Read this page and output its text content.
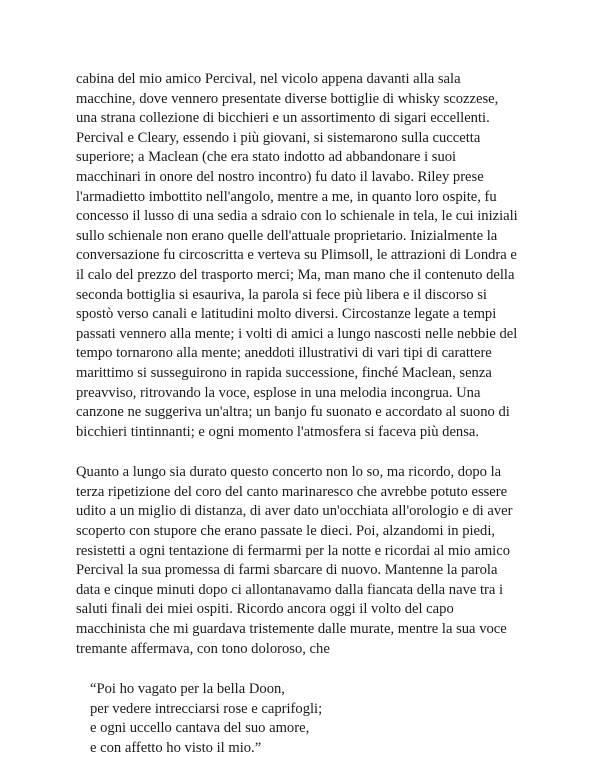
cabina del mio amico Percival, nel vicolo appena davanti alla sala
macchine, dove vennero presentate diverse bottiglie di whisky scozzese,
una strana collezione di bicchieri e un assortimento di sigari eccellenti.
Percival e Cleary, essendo i più giovani, si sistemarono sulla cuccetta
superiore; a Maclean (che era stato indotto ad abbandonare i suoi
macchinari in onore del nostro incontro) fu dato il lavabo. Riley prese
l'armadietto imbottito nell'angolo, mentre a me, in quanto loro ospite, fu
concesso il lusso di una sedia a sdraio con lo schienale in tela, le cui iniziali
sullo schienale non erano quelle dell'attuale proprietario. Inizialmente la
conversazione fu circoscritta e verteva su Plimsoll, le attrazioni di Londra e
il calo del prezzo del trasporto merci; Ma, man mano che il contenuto della
seconda bottiglia si esauriva, la parola si fece più libera e il discorso si
spostò verso canali e latitudini molto diversi. Circostanze legate a tempi
passati vennero alla mente; i volti di amici a lungo nascosti nelle nebbie del
tempo tornarono alla mente; aneddoti illustrativi di vari tipi di carattere
marittimo si susseguirono in rapida successione, finché Maclean, senza
preavviso, ritrovando la voce, esplose in una melodia incongrua. Una
canzone ne suggeriva un'altra; un banjo fu suonato e accordato al suono di
bicchieri tintinnanti; e ogni momento l'atmosfera si faceva più densa.

Quanto a lungo sia durato questo concerto non lo so, ma ricordo, dopo la
terza ripetizione del coro del canto marinaresco che avrebbe potuto essere
udito a un miglio di distanza, di aver dato un'occhiata all'orologio e di aver
scoperto con stupore che erano passate le dieci. Poi, alzandomi in piedi,
resistetti a ogni tentazione di fermarmi per la notte e ricordai al mio amico
Percival la sua promessa di farmi sbarcare di nuovo. Mantenne la parola
data e cinque minuti dopo ci allontanavamo dalla fiancata della nave tra i
saluti finali dei miei ospiti. Ricordo ancora oggi il volto del capo
macchinista che mi guardava tristemente dalle murate, mentre la sua voce
tremante affermava, con tono doloroso, che

“Poi ho vagato per la bella Doon,
per vedere intrecciarsi rose e caprifogli;
e ogni uccello cantava del suo amore,
e con affetto ho visto il mio.”
